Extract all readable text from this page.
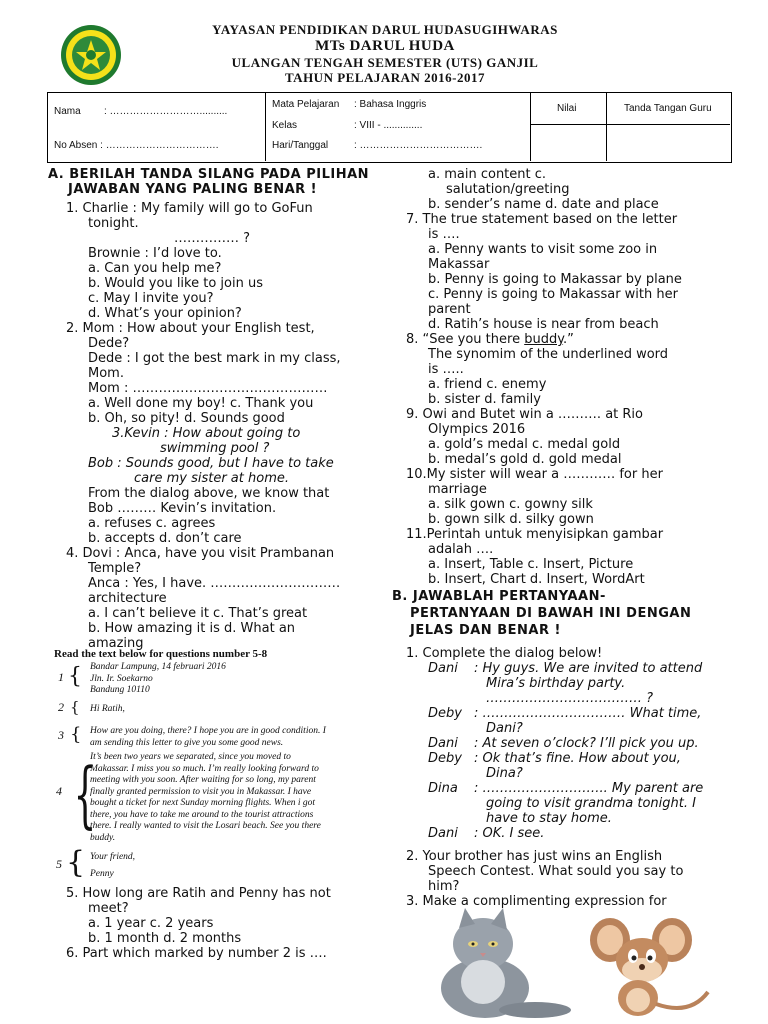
YAYASAN PENDIDIKAN DARUL HUDASUGIHWARAS
MTs DARUL HUDA
ULANGAN TENGAH SEMESTER (UTS) GANJIL
TAHUN PELAJARAN 2016-2017
Nama : ………………………..........
No Absen : …………………………….
Mata Pelajaran : Bahasa Inggris
Kelas	: VIII - ..............
Hari/Tanggal	: ……………………………….
Nilai	Tanda Tangan Guru
A. BERILAH TANDA SILANG PADA PILIHAN
JAWABAN YANG PALING BENAR !
1. Charlie : My family will go to GoFun
tonight.
…………… ?
Brownie : I’d love to.
a. Can you help me?
b. Would you like to join us
c. May I invite you?
d. What’s your opinion?
2. Mom : How about your English test,
Dede?
Dede : I got the best mark in my class,
Mom.
Mom : ………………………………………
a. Well done my boy! c. Thank you
b. Oh, so pity! d. Sounds good
3.Kevin : How about going to
swimming pool ?
Bob : Sounds good, but I have to take
care my sister at home.
From the dialog above, we know that
Bob ……… Kevin’s invitation.
a. refuses c. agrees
b. accepts d. don’t care
4. Dovi : Anca, have you visit Prambanan
Temple?
Anca : Yes, I have. …………………………
architecture
a. I can’t believe it c. That’s great
b. How amazing it is d. What an
amazing
Read the text below for questions number 5-8
1 { Bandar Lampung, 14 februari 2016
Jln. Ir. Soekarno
Bandung 10110
2 { Hi Ratih,
3 { How are you doing, there? I hope you are in good condition. I
am sending this letter to give you some good news.
4 {
It’s been two years we separated, since you moved to
Makassar. I miss you so much. I’m really looking forward to
meeting with you soon. After waiting for so long, my parent
finally granted permission to visit you in Makassar. I have
bought a ticket for next Sunday morning flights. When i got
there, you have to take me around to the tourist attractions
there. I really wanted to visit the Losari beach. See you there
buddy.
5 { Your friend,
Penny
5. How long are Ratih and Penny has not
meet?
a. 1 year c. 2 years
b. 1 month d. 2 months
6. Part which marked by number 2 is ….
a. main content c.
salutation/greeting
b. sender’s name d. date and place
7. The true statement based on the letter
is ….
a. Penny wants to visit some zoo in
Makassar
b. Penny is going to Makassar by plane
c. Penny is going to Makassar with her
parent
d. Ratih’s house is near from beach
8. “See you there buddy.”
The synomim of the underlined word
is …..
a. friend c. enemy
b. sister d. family
9. Owi and Butet win a ………. at Rio
Olympics 2016
a. gold’s medal c. medal gold
b. medal’s gold d. gold medal
10.My sister will wear a ………… for her
marriage
a. silk gown c. gowny silk
b. gown silk d. silky gown
11.Perintah untuk menyisipkan gambar
adalah ….
a. Insert, Table c. Insert, Picture
b. Insert, Chart d. Insert, WordArt
B. JAWABLAH PERTANYAAN-
PERTANYAAN DI BAWAH INI DENGAN
JELAS DAN BENAR !
1. Complete the dialog below!
Dani : Hy guys. We are invited to attend
Mira’s birthday party.
……………………………… ?
Deby : …………………………… What time,
Dani?
Dani : At seven o’clock? I’ll pick you up.
Deby : Ok that’s fine. How about you,
Dina?
Dina : ……………………….. My parent are
going to visit grandma tonight. I
have to stay home.
Dani : OK. I see.
2. Your brother has just wins an English
Speech Contest. What sould you say to
him?
3. Make a complimenting expression for
